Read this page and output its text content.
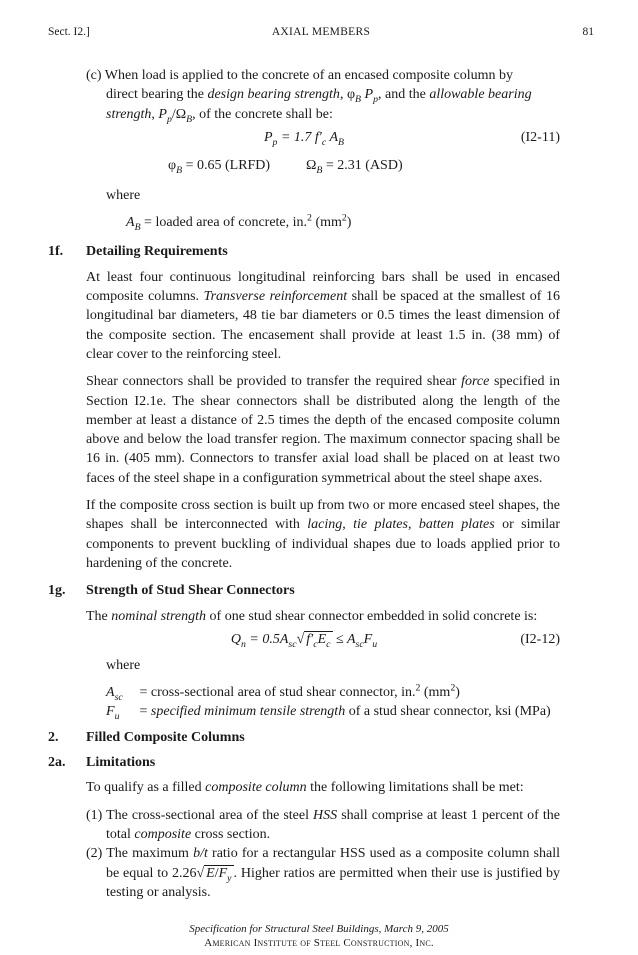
Sect. I2.]	AXIAL MEMBERS	81
(c) When load is applied to the concrete of an encased composite column by
direct bearing the design bearing strength, $\varphi_B$ $P_p$, and the allowable bearing
strength, $P_p/\Omega_B$, of the concrete shall be:
$P_p = 1.7$ $f'_c$ $A_B$	(I2-11)
$\varphi_B = 0.65$ (LRFD)	$\Omega_B = 2.31$ (ASD)

where

$A_B$ = loaded area of concrete, in.$^2$ $(mm^2)$

1f.	Detailing Requirements

At least four continuous longitudinal reinforcing bars shall be used in encased composite columns. Transverse reinforcement shall be spaced at the smallest of 16 longitudinal bar diameters, 48 tie bar diameters or 0.5 times the least dimension of the composite section. The encasement shall provide at least 1.5 in. (38 mm) of clear cover to the reinforcing steel.

Shear connectors shall be provided to transfer the required shear force specified in Section I2.1e. The shear connectors shall be distributed along the length of the member at least a distance of 2.5 times the depth of the encased composite column above and below the load transfer region. The maximum connector spacing shall be 16 in. (405 mm). Connectors to transfer axial load shall be placed on at least two faces of the steel shape in a configuration symmetrical about the steel shape axes.

If the composite cross section is built up from two or more encased steel shapes, the shapes shall be interconnected with lacing, tie plates, batten plates or similar components to prevent buckling of individual shapes due to loads applied prior to hardening of the concrete.

1g.	Strength of Stud Shear Connectors

The nominal strength of one stud shear connector embedded in solid concrete is:

$Q_n = 0.5A_{sc}√$ $f'_cE_c \le A_{sc}F_u$	(I2-12)

where

$A_{sc}$ = cross-sectional area of stud shear connector, in.$^2$ $(mm^2)$

$F_u$ = specified minimum tensile strength of a stud shear connector, ksi (MPa)

2.	Filled Composite Columns
2a.	Limitations

To qualify as a filled composite column the following limitations shall be met:

(1) The cross-sectional area of the steel HSS shall comprise at least 1 percent of the total composite cross section.

(2) The maximum b/t ratio for a rectangular HSS used as a composite column shall be equal to 2.26√ $E/F_y$ . Higher ratios are permitted when their use is justified by testing or analysis.

Specification for Structural Steel Buildings, March 9, 2005
American Institute of Steel Construction, Inc.
